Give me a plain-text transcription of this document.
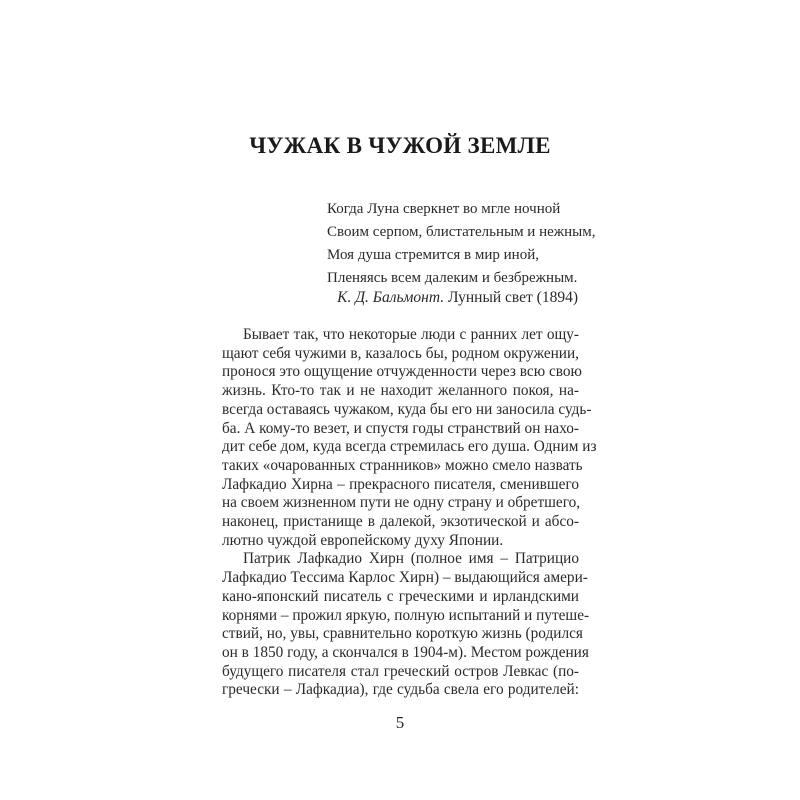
ЧУЖАК В ЧУЖОЙ ЗЕМЛЕ
Когда Луна сверкнет во мгле ночной
Своим серпом, блистательным и нежным,
Моя душа стремится в мир иной,
Пленяясь всем далеким и безбрежным.
К. Д. Бальмонт. Лунный свет (1894)
Бывает так, что некоторые люди с ранних лет ощу-
щают себя чужими в, казалось бы, родном окружении,
пронося это ощущение отчужденности через всю свою
жизнь. Кто-то так и не находит желанного покоя, на-
всегда оставаясь чужаком, куда бы его ни заносила судь-
ба. А кому-то везет, и спустя годы странствий он нахо-
дит себе дом, куда всегда стремилась его душа. Одним из
таких «очарованных странников» можно смело назвать
Лафкадио Хирна – прекрасного писателя, сменившего
на своем жизненном пути не одну страну и обретшего,
наконец, пристанище в далекой, экзотической и абсо-
лютно чуждой европейскому духу Японии.
Патрик Лафкадио Хирн (полное имя – Патрицио
Лафкадио Тессима Карлос Хирн) – выдающийся амери-
кано-японский писатель с греческими и ирландскими
корнями – прожил яркую, полную испытаний и путеше-
ствий, но, увы, сравнительно короткую жизнь (родился
он в 1850 году, а скончался в 1904-м). Местом рождения
будущего писателя стал греческий остров Левкас (по-
гречески – Лафкадиа), где судьба свела его родителей:
5
